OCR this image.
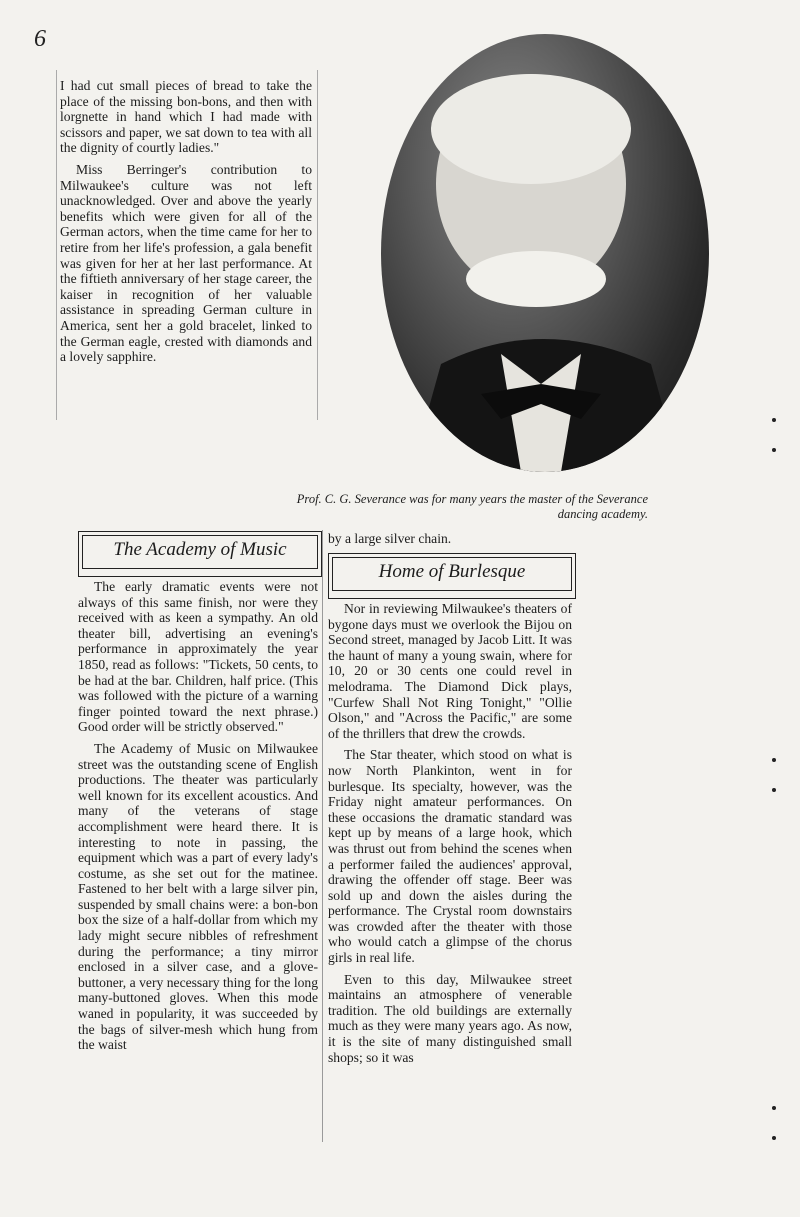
6

I had cut small pieces of bread to take the place of the missing bon-bons, and then with lorgnette in hand which I had made with scissors and paper, we sat down to tea with all the dignity of courtly ladies."

Miss Berringer's contribution to Milwaukee's culture was not left unacknowledged. Over and above the yearly benefits which were given for all of the German actors, when the time came for her to retire from her life's profession, a gala benefit was given for her at her last performance. At the fiftieth anniversary of her stage career, the kaiser in recognition of her valuable assistance in spreading German culture in America, sent her a gold bracelet, linked to the German eagle, crested with diamonds and a lovely sapphire.

Prof. C. G. Severance was for many years the master of the Severance dancing academy.
The Academy of Music

The early dramatic events were not always of this same finish, nor were they received with as keen a sympathy. An old theater bill, advertising an evening's performance in approximately the year 1850, read as follows: "Tickets, 50 cents, to be had at the bar. Children, half price. (This was followed with the picture of a warning finger pointed toward the next phrase.) Good order will be strictly observed."

The Academy of Music on Milwaukee street was the outstanding scene of English productions. The theater was particularly well known for its excellent acoustics. And many of the veterans of stage accomplishment were heard there. It is interesting to note in passing, the equipment which was a part of every lady's costume, as she set out for the matinee. Fastened to her belt with a large silver pin, suspended by small chains were: a bon-bon box the size of a half-dollar from which my lady might secure nibbles of refreshment during the performance; a tiny mirror enclosed in a silver case, and a glove-buttoner, a very necessary thing for the long many-buttoned gloves. When this mode waned in popularity, it was succeeded by the bags of silver-mesh which hung from the waist

by a large silver chain.

Home of Burlesque

Nor in reviewing Milwaukee's theaters of bygone days must we overlook the Bijou on Second street, managed by Jacob Litt. It was the haunt of many a young swain, where for 10, 20 or 30 cents one could revel in melodrama. The Diamond Dick plays, "Curfew Shall Not Ring Tonight," "Ollie Olson," and "Across the Pacific," are some of the thrillers that drew the crowds.

The Star theater, which stood on what is now North Plankinton, went in for burlesque. Its specialty, however, was the Friday night amateur performances. On these occasions the dramatic standard was kept up by means of a large hook, which was thrust out from behind the scenes when a performer failed the audiences' approval, drawing the offender off stage. Beer was sold up and down the aisles during the performance. The Crystal room downstairs was crowded after the theater with those who would catch a glimpse of the chorus girls in real life.

Even to this day, Milwaukee street maintains an atmosphere of venerable tradition. The old buildings are externally much as they were many years ago. As now, it is the site of many distinguished small shops; so it was
